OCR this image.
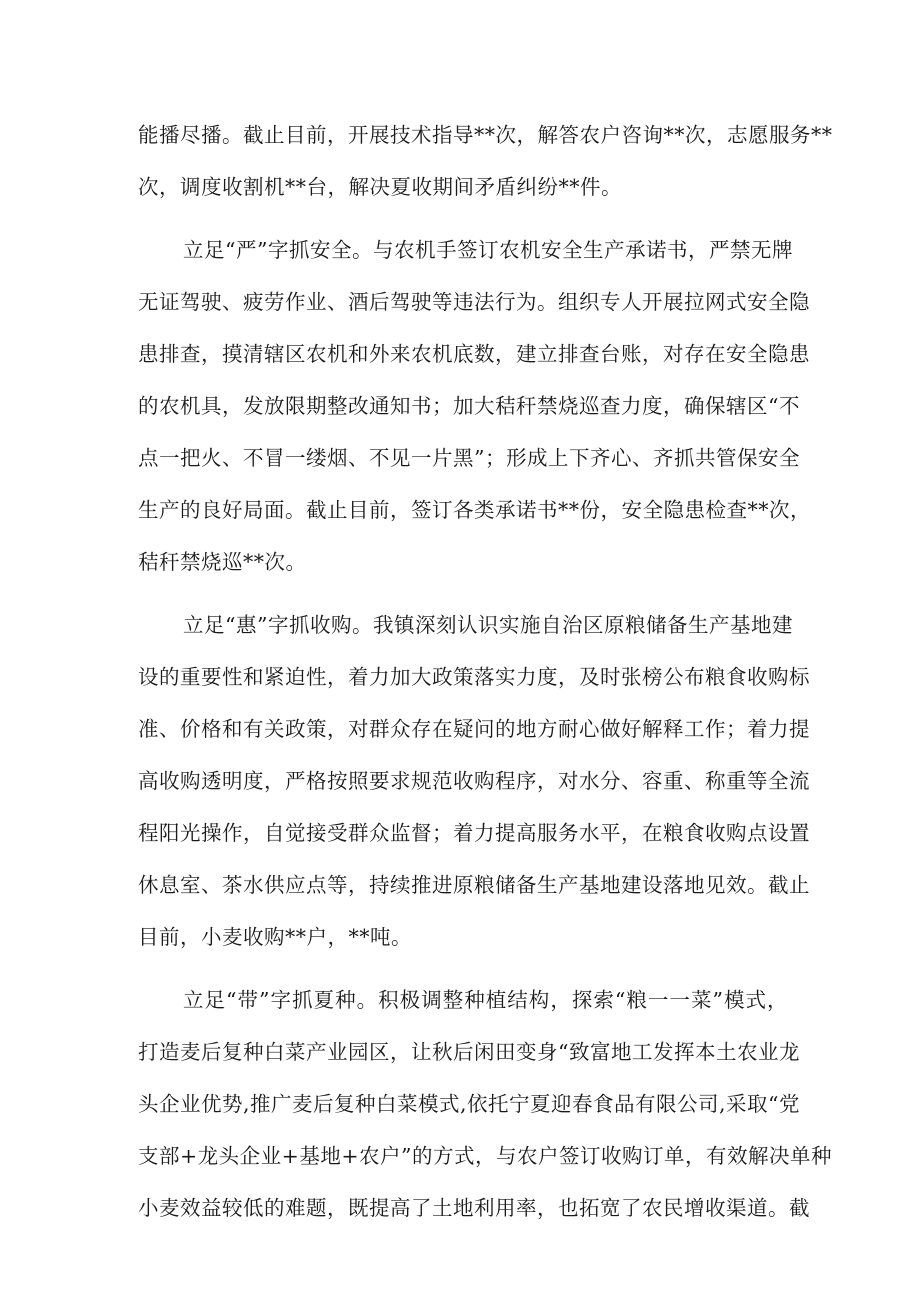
能播尽播。截止目前，开展技术指导**次，解答农户咨询**次，志愿服务**
次，调度收割机**台，解决夏收期间矛盾纠纷**件。
立足“严”字抓安全。与农机手签订农机安全生产承诺书，严禁无牌
无证驾驶、疲劳作业、酒后驾驶等违法行为。组织专人开展拉网式安全隐
患排查，摸清辖区农机和外来农机底数，建立排查台账，对存在安全隐患
的农机具，发放限期整改通知书；加大秸秆禁烧巡查力度，确保辖区“不
点一把火、不冒一缕烟、不见一片黑”；形成上下齐心、齐抓共管保安全
生产的良好局面。截止目前，签订各类承诺书**份，安全隐患检查**次，
秸秆禁烧巡**次。
立足“惠”字抓收购。我镇深刻认识实施自治区原粮储备生产基地建
设的重要性和紧迫性，着力加大政策落实力度，及时张榜公布粮食收购标
准、价格和有关政策，对群众存在疑问的地方耐心做好解释工作；着力提
高收购透明度，严格按照要求规范收购程序，对水分、容重、称重等全流
程阳光操作，自觉接受群众监督；着力提高服务水平，在粮食收购点设置
休息室、茶水供应点等，持续推进原粮储备生产基地建设落地见效。截止
目前，小麦收购**户，**吨。
立足“带”字抓夏种。积极调整种植结构，探索“粮一一菜”模式，
打造麦后复种白菜产业园区，让秋后闲田变身“致富地工发挥本土农业龙
头企业优势,推广麦后复种白菜模式,依托宁夏迎春食品有限公司,采取“党
支部+龙头企业+基地+农户”的方式，与农户签订收购订单，有效解决单种
小麦效益较低的难题，既提高了土地利用率，也拓宽了农民增收渠道。截
